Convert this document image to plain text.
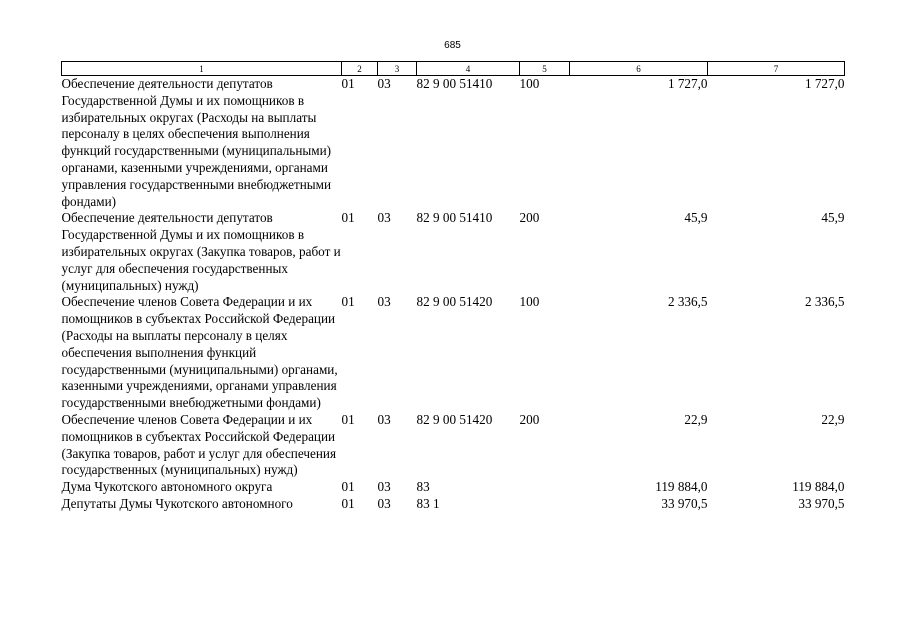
685
1	2	3	4	5	6	7
Обеспечение деятельности депутатов Государственной Думы и их помощников в избирательных округах (Расходы на выплаты персоналу в целях обеспечения выполнения функций государственными (муниципальными) органами, казенными учреждениями, органами управления государственными внебюджетными фондами)	01	03	82 9 00 51410	100	1 727,0	1 727,0
Обеспечение деятельности депутатов Государственной Думы и их помощников в избирательных округах (Закупка товаров, работ и услуг для обеспечения государственных (муниципальных) нужд)	01	03	82 9 00 51410	200	45,9	45,9
Обеспечение членов Совета Федерации и их помощников в субъектах Российской Федерации (Расходы на выплаты персоналу в целях обеспечения выполнения функций государственными (муниципальными) органами, казенными учреждениями, органами управления государственными внебюджетными фондами)	01	03	82 9 00 51420	100	2 336,5	2 336,5
Обеспечение членов Совета Федерации и их помощников в субъектах Российской Федерации (Закупка товаров, работ и услуг для обеспечения государственных (муниципальных) нужд)	01	03	82 9 00 51420	200	22,9	22,9
Дума Чукотского автономного округа	01	03	83		119 884,0	119 884,0
Депутаты Думы Чукотского автономного	01	03	83 1		33 970,5	33 970,5
